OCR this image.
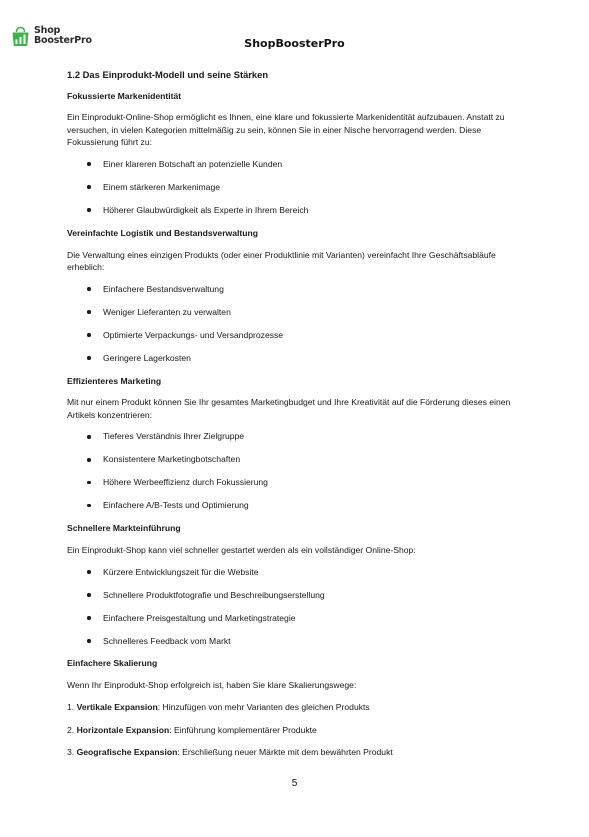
Shop
BoosterPro	ShopBoosterPro
1.2 Das Einprodukt-Modell und seine Stärken
Fokussierte Markenidentität

Ein Einprodukt-Online-Shop ermöglicht es Ihnen, eine klare und fokussierte Markenidentität aufzubauen. Anstatt zu versuchen, in vielen Kategorien mittelmäßig zu sein, können Sie in einer Nische hervorragend werden. Diese Fokussierung führt zu:

Einer klareren Botschaft an potenzielle Kunden
Einem stärkeren Markenimage
Höherer Glaubwürdigkeit als Experte in Ihrem Bereich
Vereinfachte Logistik und Bestandsverwaltung

Die Verwaltung eines einzigen Produkts (oder einer Produktlinie mit Varianten) vereinfacht Ihre Geschäftsabläufe erheblich:

Einfachere Bestandsverwaltung
Weniger Lieferanten zu verwalten
Optimierte Verpackungs- und Versandprozesse
Geringere Lagerkosten
Effizienteres Marketing

Mit nur einem Produkt können Sie Ihr gesamtes Marketingbudget und Ihre Kreativität auf die Förderung dieses einen Artikels konzentrieren:

Tieferes Verständnis Ihrer Zielgruppe
Konsistentere Marketingbotschaften
Höhere Werbeeffizienz durch Fokussierung
Einfachere A/B-Tests und Optimierung
Schnellere Markteinführung

Ein Einprodukt-Shop kann viel schneller gestartet werden als ein vollständiger Online-Shop:

Kürzere Entwicklungszeit für die Website
Schnellere Produktfotografie und Beschreibungserstellung
Einfachere Preisgestaltung und Marketingstrategie
Schnelleres Feedback vom Markt
Einfachere Skalierung

Wenn Ihr Einprodukt-Shop erfolgreich ist, haben Sie klare Skalierungswege:

1. Vertikale Expansion: Hinzufügen von mehr Varianten des gleichen Produkts
2. Horizontale Expansion: Einführung komplementärer Produkte
3. Geografische Expansion: Erschließung neuer Märkte mit dem bewährten Produkt
5
